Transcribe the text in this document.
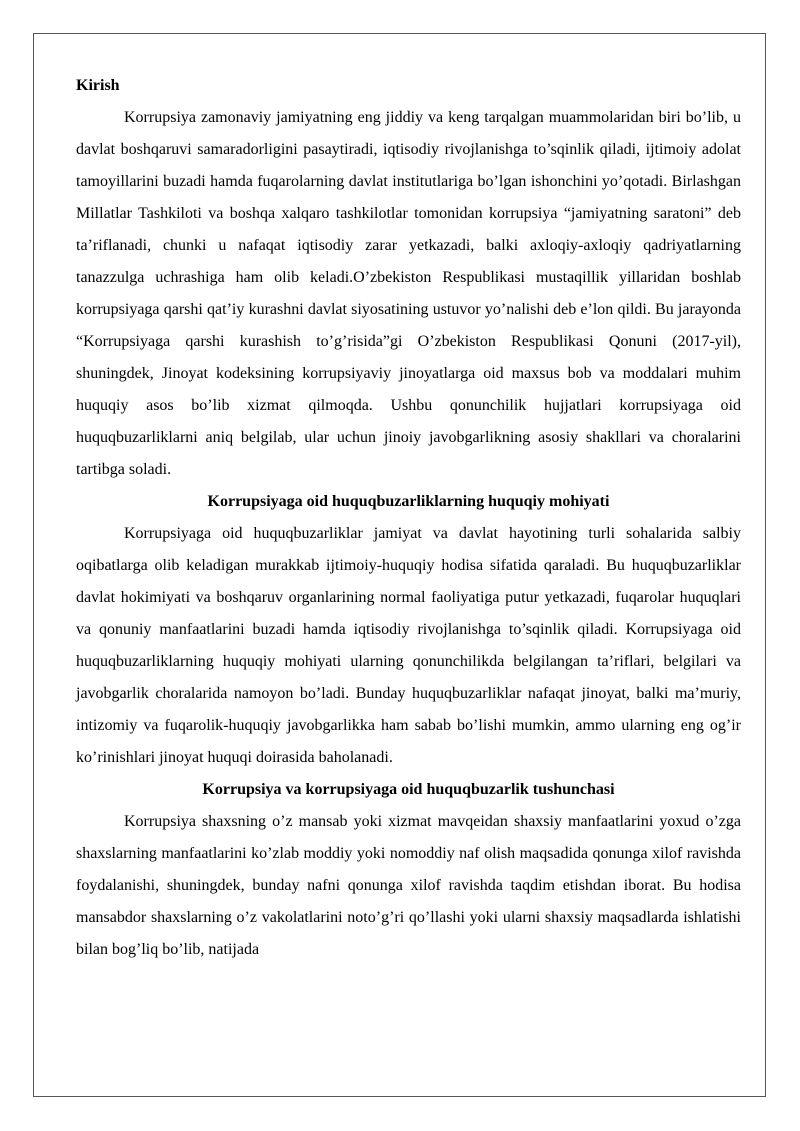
Kirish

Korrupsiya zamonaviy jamiyatning eng jiddiy va keng tarqalgan muammolaridan biri bo’lib, u davlat boshqaruvi samaradorligini pasaytiradi, iqtisodiy rivojlanishga to’sqinlik qiladi, ijtimoiy adolat tamoyillarini buzadi hamda fuqarolarning davlat institutlariga bo’lgan ishonchini yo’qotadi. Birlashgan Millatlar Tashkiloti va boshqa xalqaro tashkilotlar tomonidan korrupsiya “jamiyatning saratoni” deb ta’riflanadi, chunki u nafaqat iqtisodiy zarar yetkazadi, balki axloqiy-axloqiy qadriyatlarning tanazzulga uchrashiga ham olib keladi.O’zbekiston Respublikasi mustaqillik yillaridan boshlab korrupsiyaga qarshi qat’iy kurashni davlat siyosatining ustuvor yo’nalishi deb e’lon qildi. Bu jarayonda “Korrupsiyaga qarshi kurashish to’g’risida”gi O’zbekiston Respublikasi Qonuni (2017-yil), shuningdek, Jinoyat kodeksining korrupsiyaviy jinoyatlarga oid maxsus bob va moddalari muhim huquqiy asos bo’lib xizmat qilmoqda. Ushbu qonunchilik hujjatlari korrupsiyaga oid huquqbuzarliklarni aniq belgilab, ular uchun jinoiy javobgarlikning asosiy shakllari va choralarini tartibga soladi.

Korrupsiyaga oid huquqbuzarliklarning huquqiy mohiyati

Korrupsiyaga oid huquqbuzarliklar jamiyat va davlat hayotining turli sohalarida salbiy oqibatlarga olib keladigan murakkab ijtimoiy-huquqiy hodisa sifatida qaraladi. Bu huquqbuzarliklar davlat hokimiyati va boshqaruv organlarining normal faoliyatiga putur yetkazadi, fuqarolar huquqlari va qonuniy manfaatlarini buzadi hamda iqtisodiy rivojlanishga to’sqinlik qiladi. Korrupsiyaga oid huquqbuzarliklarning huquqiy mohiyati ularning qonunchilikda belgilangan ta’riflari, belgilari va javobgarlik choralarida namoyon bo’ladi. Bunday huquqbuzarliklar nafaqat jinoyat, balki ma’muriy, intizomiy va fuqarolik-huquqiy javobgarlikka ham sabab bo’lishi mumkin, ammo ularning eng og’ir ko’rinishlari jinoyat huquqi doirasida baholanadi.

Korrupsiya va korrupsiyaga oid huquqbuzarlik tushunchasi

Korrupsiya shaxsning o’z mansab yoki xizmat mavqeidan shaxsiy manfaatlarini yoxud o’zga shaxslarning manfaatlarini ko’zlab moddiy yoki nomoddiy naf olish maqsadida qonunga xilof ravishda foydalanishi, shuningdek, bunday nafni qonunga xilof ravishda taqdim etishdan iborat. Bu hodisa mansabdor shaxslarning o’z vakolatlarini noto’g’ri qo’llashi yoki ularni shaxsiy maqsadlarda ishlatishi bilan bog’liq bo’lib, natijada
